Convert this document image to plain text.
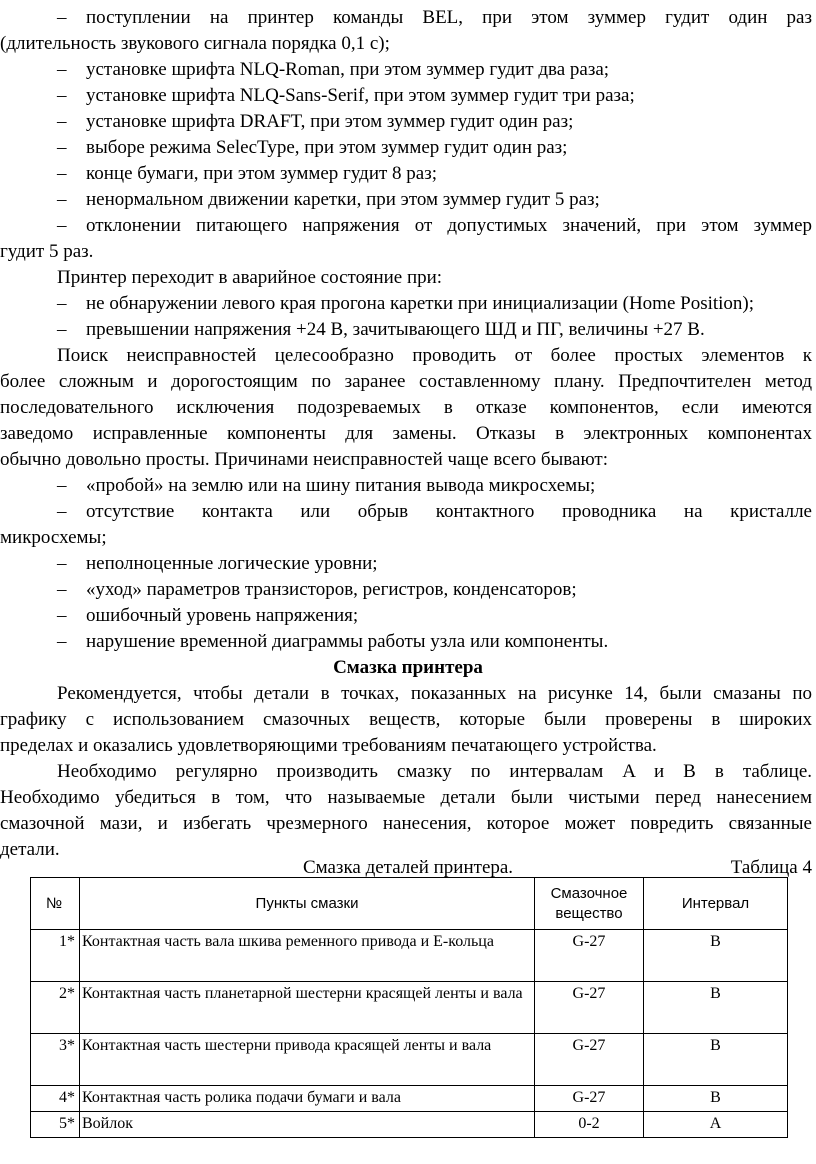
– поступлении на принтер команды BEL, при этом зуммер гудит один раз
(длительность звукового сигнала порядка 0,1 с);
– установке шрифта NLQ-Roman, при этом зуммер гудит два раза;
– установке шрифта NLQ-Sans-Serif, при этом зуммер гудит три раза;
– установке шрифта DRAFT, при этом зуммер гудит один раз;
– выборе режима SelecType, при этом зуммер гудит один раз;
– конце бумаги, при этом зуммер гудит 8 раз;
– ненормальном движении каретки, при этом зуммер гудит 5 раз;
– отклонении питающего напряжения от допустимых значений, при этом зуммер
гудит 5 раз.
Принтер переходит в аварийное состояние при:
– не обнаружении левого края прогона каретки при инициализации (Home Position);
– превышении напряжения +24 В, зачитывающего ШД и ПГ, величины +27 В.
Поиск неисправностей целесообразно проводить от более простых элементов к
более сложным и дорогостоящим по заранее составленному плану. Предпочтителен метод
последовательного исключения подозреваемых в отказе компонентов, если имеются
заведомо исправленные компоненты для замены. Отказы в электронных компонентах
обычно довольно просты. Причинами неисправностей чаще всего бывают:
– «пробой» на землю или на шину питания вывода микросхемы;
– отсутствие контакта или обрыв контактного проводника на кристалле
микросхемы;
– неполноценные логические уровни;
– «уход» параметров транзисторов, регистров, конденсаторов;
– ошибочный уровень напряжения;
– нарушение временной диаграммы работы узла или компоненты.
Смазка принтера
Рекомендуется, чтобы детали в точках, показанных на рисунке 14, были смазаны по
графику с использованием смазочных веществ, которые были проверены в широких
пределах и оказались удовлетворяющими требованиям печатающего устройства.
Необходимо регулярно производить смазку по интервалам A и B в таблице.
Необходимо убедиться в том, что называемые детали были чистыми перед нанесением
смазочной мази, и избегать чрезмерного нанесения, которое может повредить связанные
детали.
Таблица 4
Смазка деталей принтера.
№	Пункты смазки	Смазочное вещество	Интервал
1*	Контактная часть вала шкива ременного привода и E-кольца	G-27	B
2*	Контактная часть планетарной шестерни красящей ленты и вала	G-27	B
3*	Контактная часть шестерни привода красящей ленты и вала	G-27	B
4*	Контактная часть ролика подачи бумаги и вала	G-27	B
5*	Войлок	0-2	A
